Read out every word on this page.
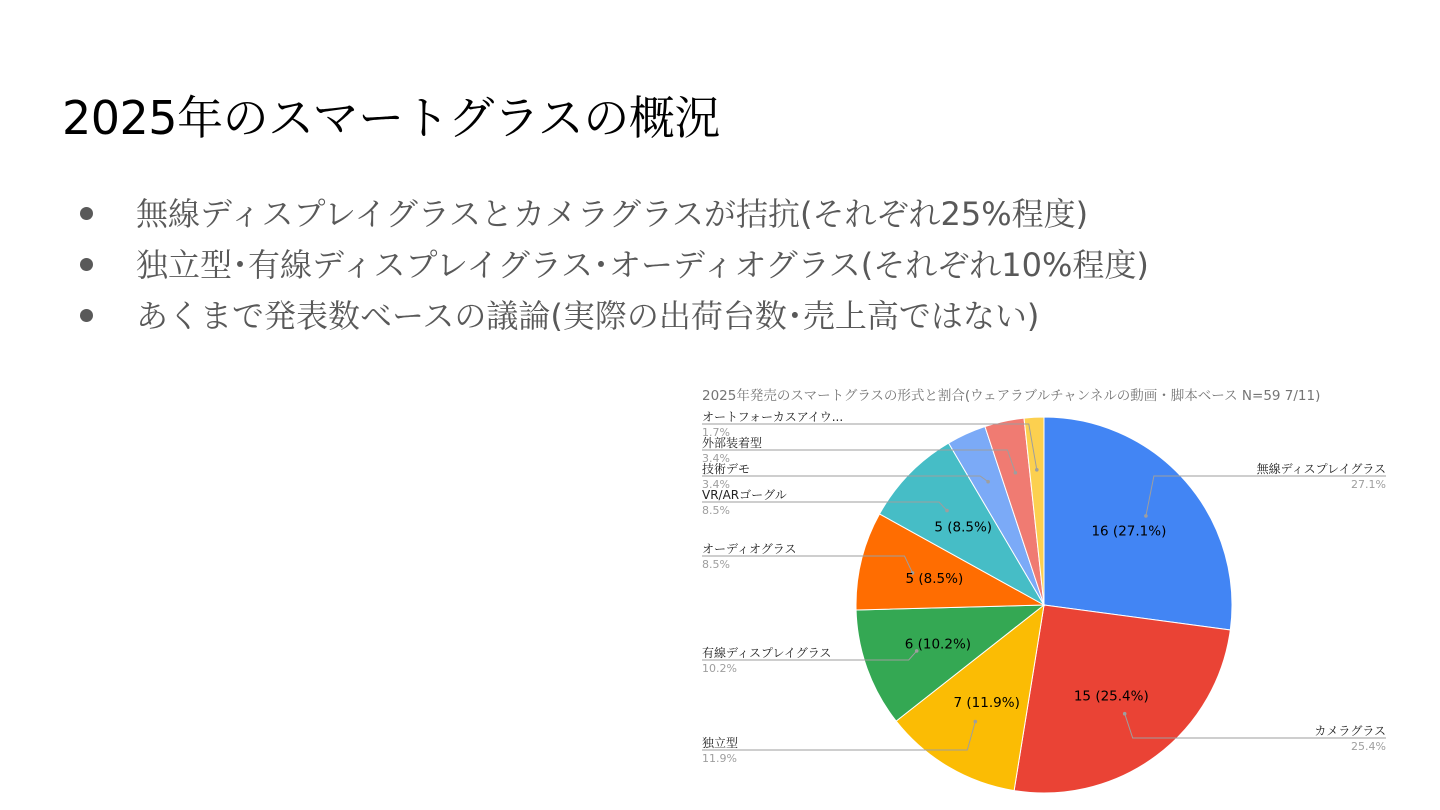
2025年のスマートグラスの概況
無線ディスプレイグラスとカメラグラスが拮抗(それぞれ25%程度)
独立型･有線ディスプレイグラス･オーディオグラス(それぞれ10%程度)
あくまで発表数ベースの議論(実際の出荷台数･売上高ではない)
2025年発売のスマートグラスの形式と割合(ウェアラブルチャンネルの動画・脚本ベース N=59 7/11)
16 (27.1%)
無線ディスプレイグラス
27.1%
15 (25.4%)
カメラグラス
25.4%
7 (11.9%)
独立型
11.9%
6 (10.2%)
有線ディスプレイグラス
10.2%
5 (8.5%)
オーディオグラス
8.5%
5 (8.5%)
VR/ARゴーグル
8.5%
技術デモ
3.4%
外部装着型
3.4%
オートフォーカスアイウ...
1.7%
